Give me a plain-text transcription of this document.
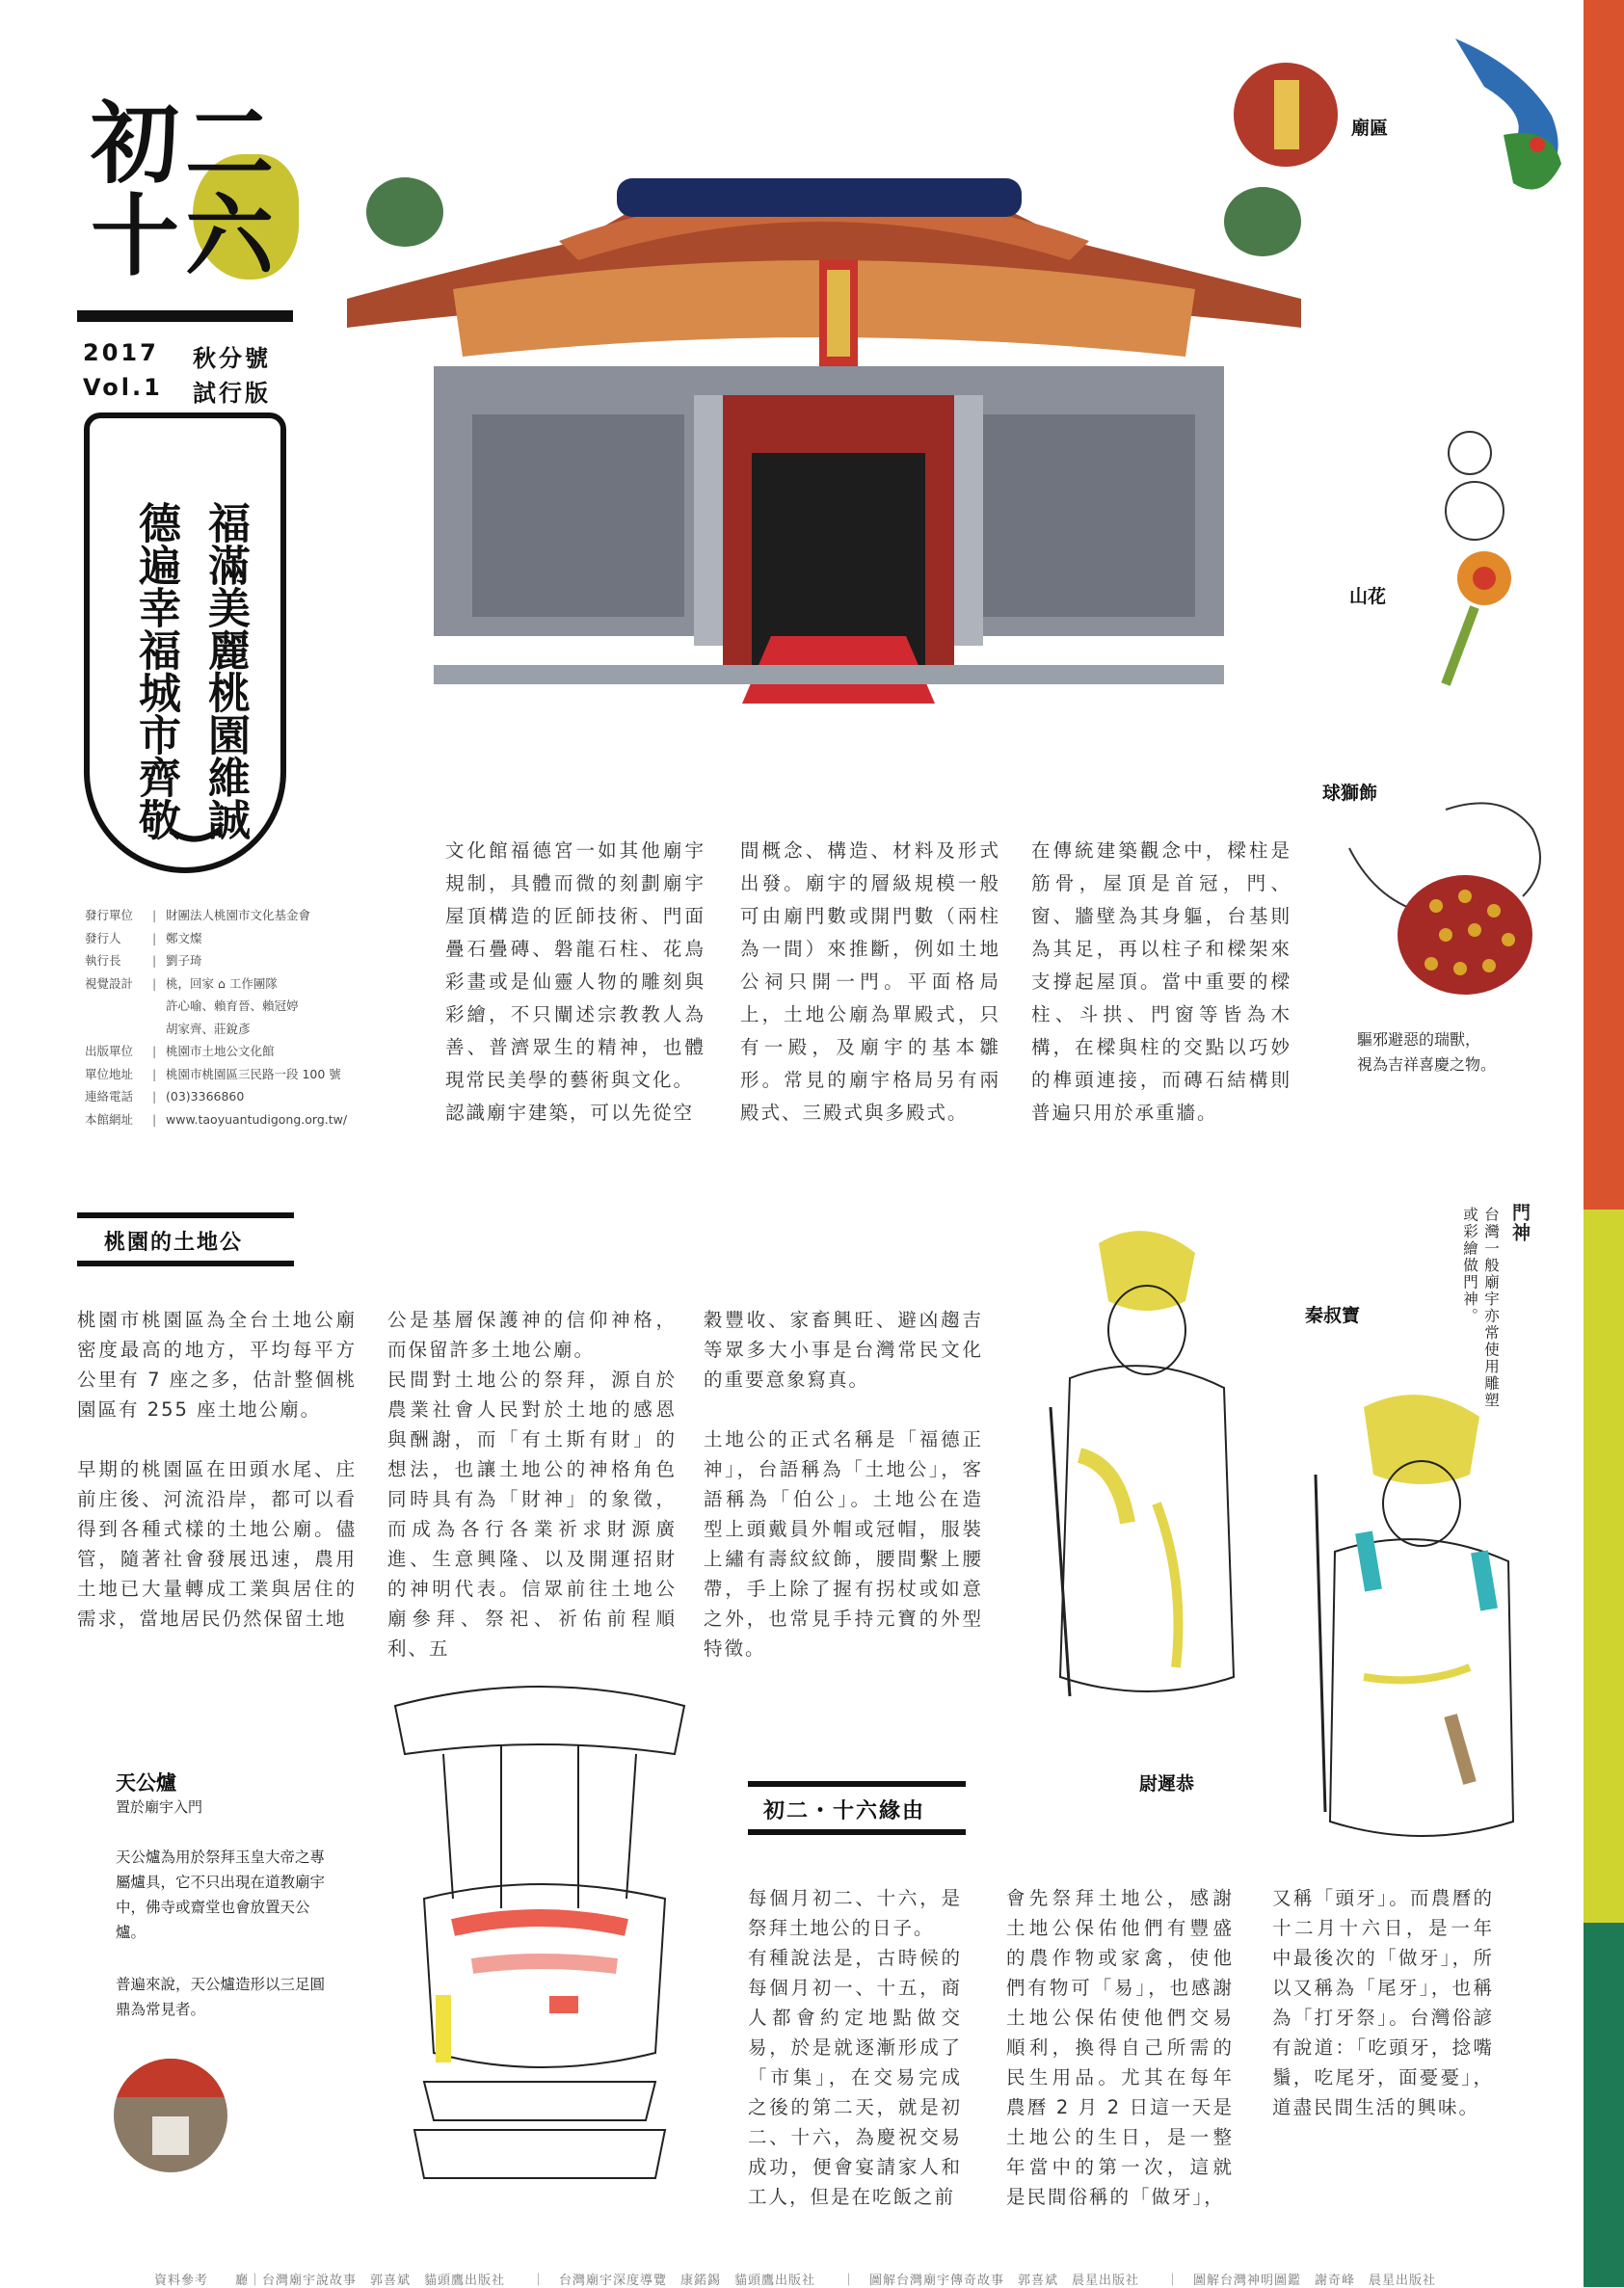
初 二
十 六
2017 秋分號
Vol.1 試行版

福滿美麗桃園維誠

德遍幸福城市齊敬

發行單位	| 財團法人桃園市文化基金會
發行人	| 鄭文燦
執行長	| 劉子琦
視覺設計	| 桃，回家 ⌂ 工作團隊
許心喻、賴育晉、賴冠婷
胡家齊、莊銳彥
出版單位	| 桃園市土地公文化館
單位地址	| 桃園市桃園區三民路一段 100 號
連絡電話	| (03)3366860
本館網址	| www.taoyuantudigong.org.tw/
廟匾
山花
球獅飾
驅邪避惡的瑞獸，
視為吉祥喜慶之物。
文化館福德宮一如其他廟宇規制，具體而微的刻劃廟宇屋頂構造的匠師技術、門面疊石疊磚、磐龍石柱、花鳥彩畫或是仙靈人物的雕刻與彩繪，不只闡述宗教教人為善、普濟眾生的精神，也體現常民美學的藝術與文化。
認識廟宇建築，可以先從空
間概念、構造、材料及形式出發。廟宇的層級規模一般可由廟門數或開門數（兩柱為一間）來推斷，例如土地公祠只開一門。平面格局上，土地公廟為單殿式，只有一殿，及廟宇的基本雛形。常見的廟宇格局另有兩殿式、三殿式與多殿式。
在傳統建築觀念中，樑柱是筋骨，屋頂是首冠，門、窗、牆壁為其身軀，台基則為其足，再以柱子和樑架來支撐起屋頂。當中重要的樑柱、斗拱、門窗等皆為木構，在樑與柱的交點以巧妙的榫頭連接，而磚石結構則普遍只用於承重牆。
桃園的土地公
桃園市桃園區為全台土地公廟密度最高的地方，平均每平方公里有 7 座之多，估計整個桃園區有 255 座土地公廟。

早期的桃園區在田頭水尾、庄前庄後、河流沿岸，都可以看得到各種式樣的土地公廟。儘管，隨著社會發展迅速，農用土地已大量轉成工業與居住的需求，當地居民仍然保留土地
公是基層保護神的信仰神格，而保留許多土地公廟。
民間對土地公的祭拜，源自於農業社會人民對於土地的感恩與酬謝，而「有土斯有財」的想法，也讓土地公的神格角色同時具有為「財神」的象徵，而成為各行各業祈求財源廣進、生意興隆、以及開運招財的神明代表。信眾前往土地公廟參拜、祭祀、祈佑前程順利、五
穀豐收、家畜興旺、避凶趨吉等眾多大小事是台灣常民文化的重要意象寫真。

土地公的正式名稱是「福德正神」，台語稱為「土地公」，客語稱為「伯公」。土地公在造型上頭戴員外帽或冠帽，服裝上繡有壽紋紋飾，腰間繫上腰帶，手上除了握有拐杖或如意之外，也常見手持元寶的外型特徵。
尉遲恭
秦叔寶
門神
台灣一般廟宇亦常使用雕塑或彩繪做門神。
天公爐
置於廟宇入門
天公爐為用於祭拜玉皇大帝之專屬爐具，它不只出現在道教廟宇中，佛寺或齋堂也會放置天公爐。
普遍來說，天公爐造形以三足圓鼎為常見者。
初二・十六緣由
每個月初二、十六，是祭拜土地公的日子。
有種說法是，古時候的每個月初一、十五，商人都會約定地點做交易，於是就逐漸形成了「市集」，在交易完成之後的第二天，就是初二、十六，為慶祝交易成功，便會宴請家人和工人，但是在吃飯之前
會先祭拜土地公，感謝土地公保佑他們有豐盛的農作物或家禽，使他們有物可「易」，也感謝土地公保佑使他們交易順利，換得自己所需的民生用品。尤其在每年農曆 2 月 2 日這一天是土地公的生日，是一整年當中的第一次，這就是民間俗稱的「做牙」，
又稱「頭牙」。而農曆的十二月十六日，是一年中最後次的「做牙」，所以又稱為「尾牙」，也稱為「打牙祭」。台灣俗諺有說道：「吃頭牙，捻嘴鬚，吃尾牙，面憂憂」，道盡民間生活的興味。
資料參考　　廳｜台灣廟宇說故事　郭喜斌　貓頭鷹出版社　　｜　台灣廟宇深度導覽　康鍩錫　貓頭鷹出版社　　｜　圖解台灣廟宇傳奇故事　郭喜斌　晨星出版社　　｜　圖解台灣神明圖鑑　謝奇峰　晨星出版社
